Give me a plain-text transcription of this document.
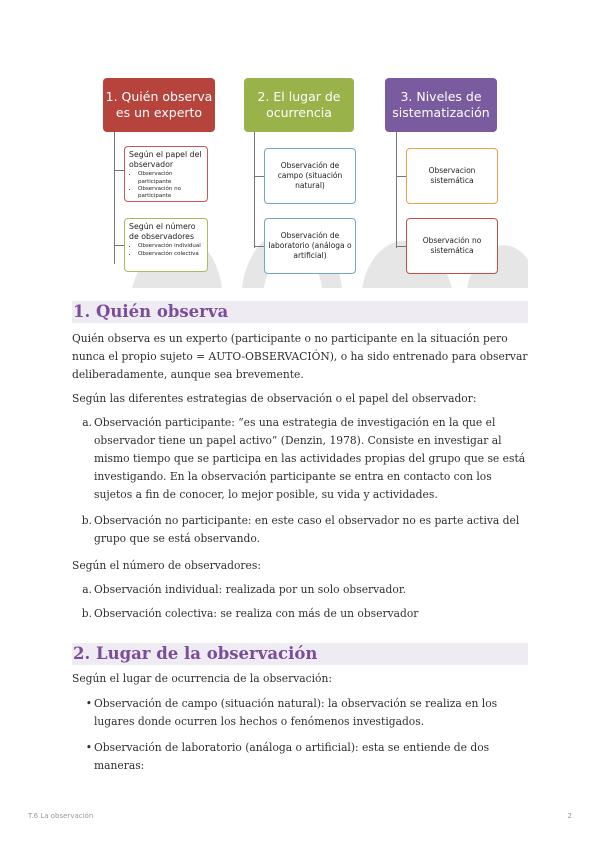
1. Quién observa es un experto
Según el papel del observador
• Observación participante
• Observación no participante
Según el número de observadores
• Observación individual
• Observación colectiva
2. El lugar de ocurrencia
Observación de campo (situación natural)
Observación de laboratorio (análoga o artificial)
3. Niveles de sistematización
Observacion sistemática
Observación no sistemática
1. Quién observa

Quién observa es un experto (participante o no participante en la situación pero nunca el propio sujeto = AUTO-OBSERVACIÓN), o ha sido entrenado para observar deliberadamente, aunque sea brevemente.

Según las diferentes estrategias de observación o el papel del observador:

a. Observación participante: “es una estrategia de investigación en la que el observador tiene un papel activo” (Denzin, 1978). Consiste en investigar al mismo tiempo que se participa en las actividades propias del grupo que se está investigando. En la observación participante se entra en contacto con los sujetos a fin de conocer, lo mejor posible, su vida y actividades.
b. Observación no participante: en este caso el observador no es parte activa del grupo que se está observando.

Según el número de observadores:

a. Observación individual: realizada por un solo observador.
b. Observación colectiva: se realiza con más de un observador
2. Lugar de la observación

Según el lugar de ocurrencia de la observación:

• Observación de campo (situación natural): la observación se realiza en los lugares donde ocurren los hechos o fenómenos investigados.
• Observación de laboratorio (análoga o artificial): esta se entiende de dos maneras:
T.6 La observación	2
